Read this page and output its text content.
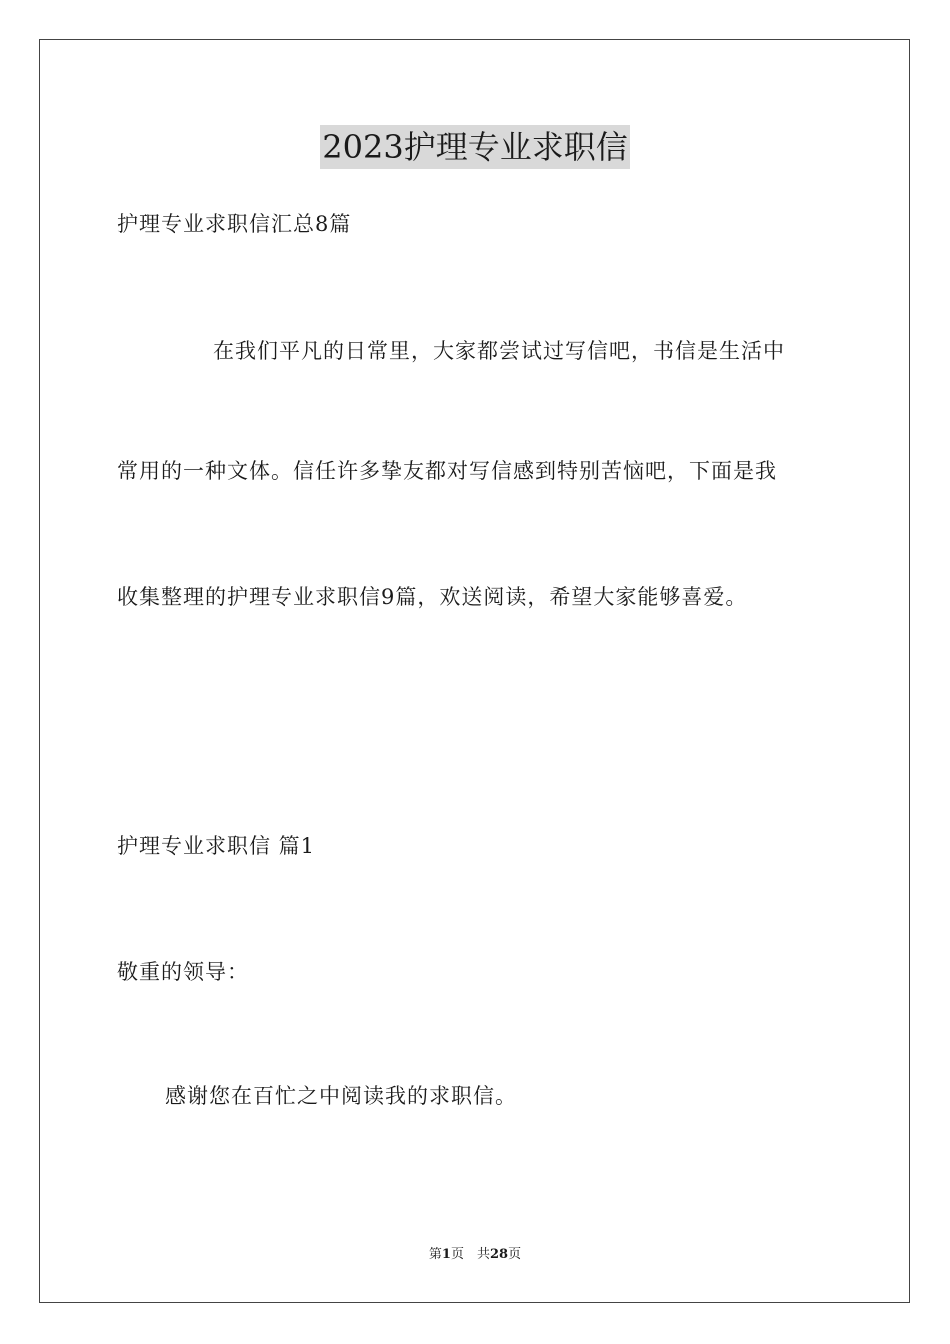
2023护理专业求职信
护理专业求职信汇总8篇
在我们平凡的日常里，大家都尝试过写信吧，书信是生活中
常用的一种文体。信任许多挚友都对写信感到特别苦恼吧，下面是我
收集整理的护理专业求职信9篇，欢送阅读，希望大家能够喜爱。
护理专业求职信 篇1
敬重的领导：
感谢您在百忙之中阅读我的求职信。
第1页　共28页
